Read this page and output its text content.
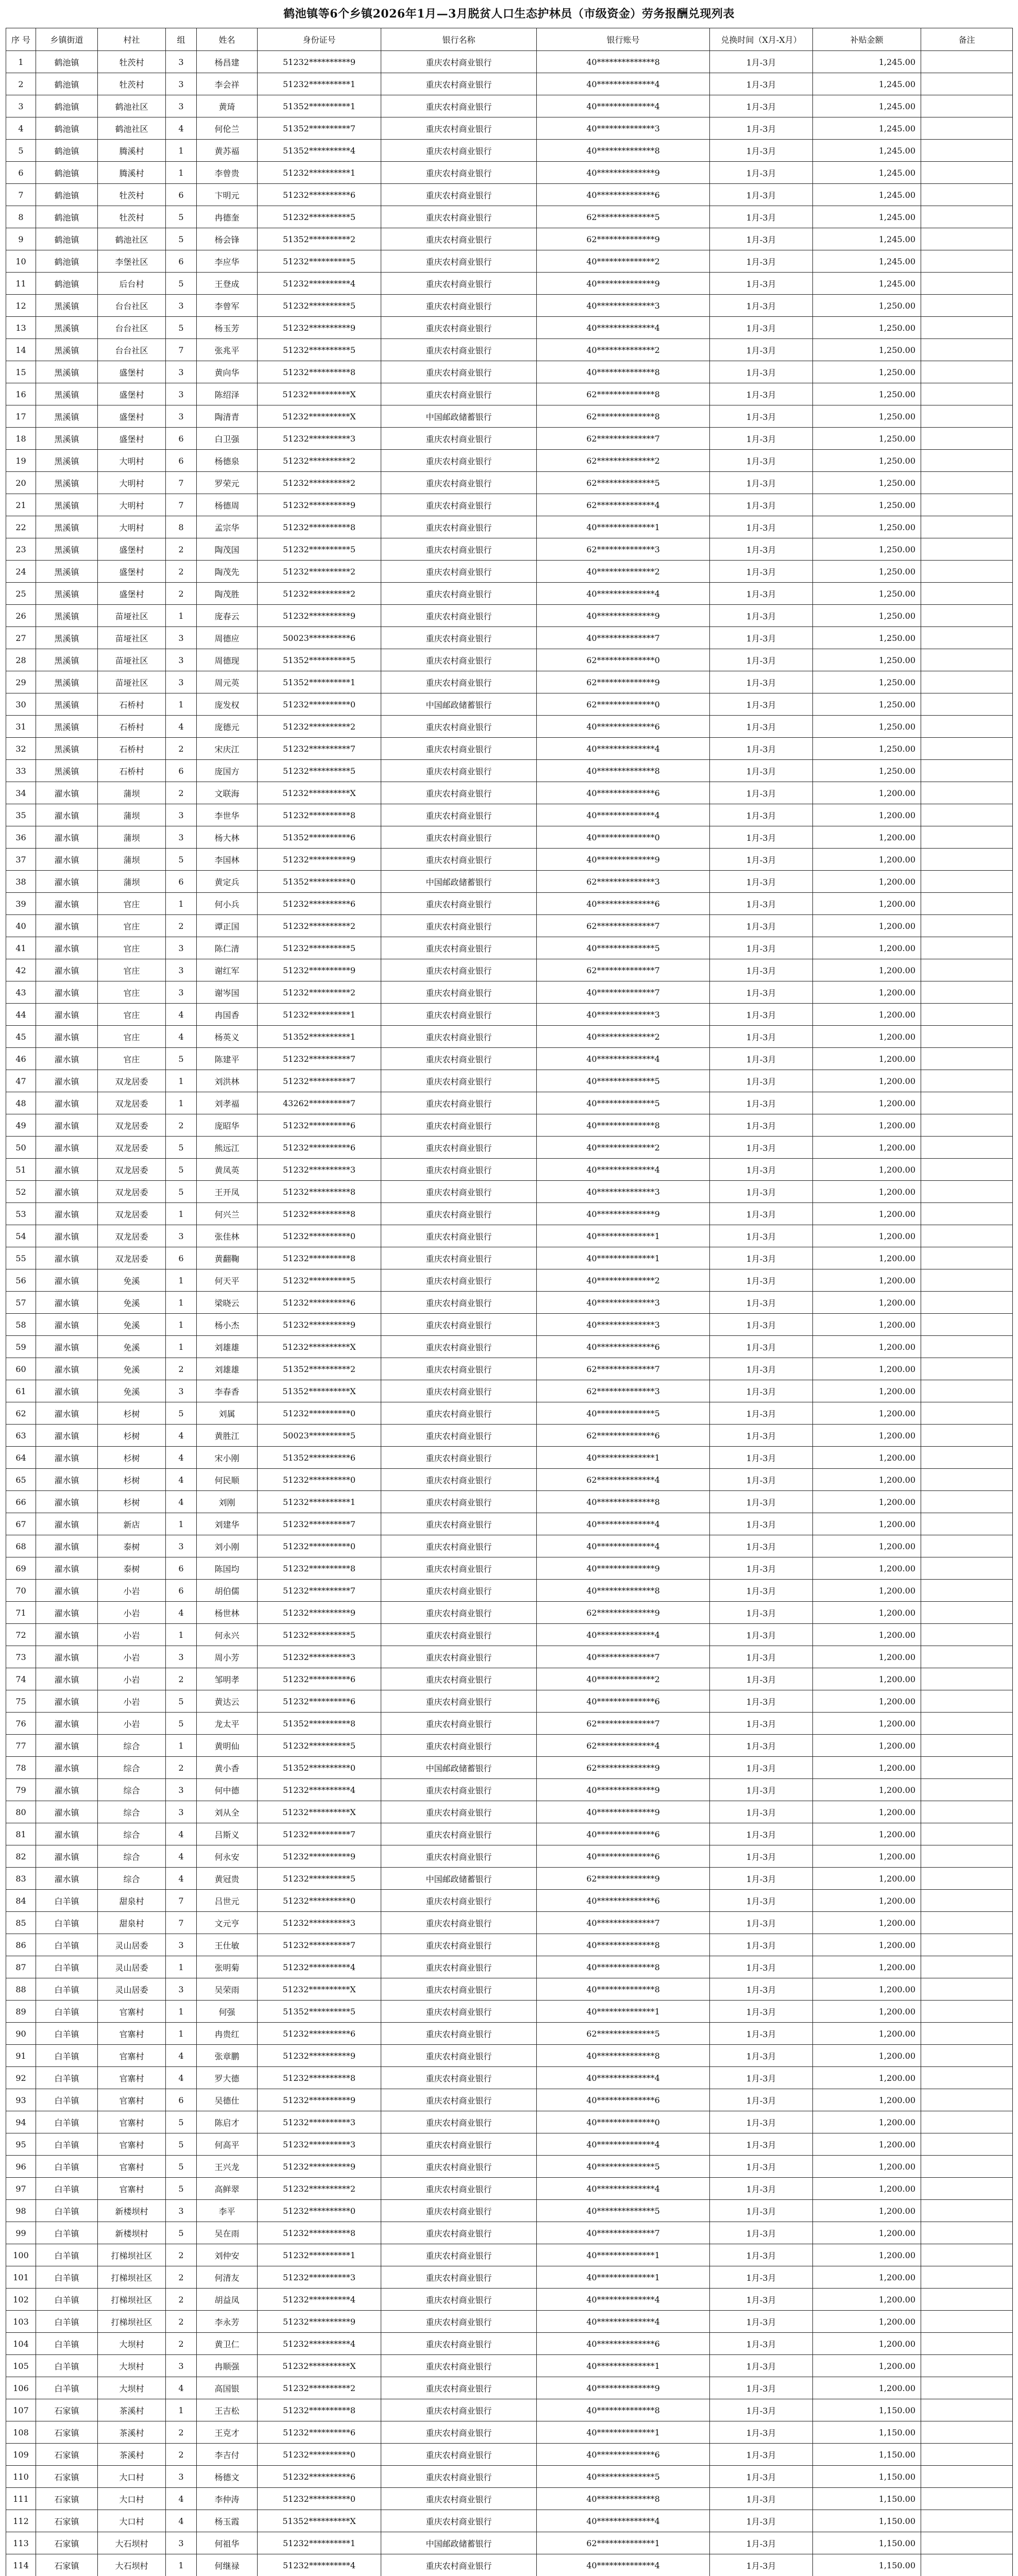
鹤池镇等6个乡镇2026年1月—3月脱贫人口生态护林员（市级资金）劳务报酬兑现列表
序 号	乡镇街道	村社	组	姓名	身份证号	银行名称	银行账号	兑换时间（X月-X月）	补贴金额	备注
1	鹤池镇	牡茨村	3	杨昌建	51232**********9	重庆农村商业银行	40**************8	1月-3月	1,245.00	
2	鹤池镇	牡茨村	3	李会祥	51232**********1	重庆农村商业银行	40**************4	1月-3月	1,245.00	
3	鹤池镇	鹤池社区	3	黄琦	51352**********1	重庆农村商业银行	40**************4	1月-3月	1,245.00	
4	鹤池镇	鹤池社区	4	何伦兰	51352**********7	重庆农村商业银行	40**************3	1月-3月	1,245.00	
5	鹤池镇	腾溪村	1	黄苏福	51352**********4	重庆农村商业银行	40**************8	1月-3月	1,245.00	
6	鹤池镇	腾溪村	1	李曾贵	51232**********1	重庆农村商业银行	40**************9	1月-3月	1,245.00	
7	鹤池镇	牡茨村	6	卞明元	51232**********6	重庆农村商业银行	40**************6	1月-3月	1,245.00	
8	鹤池镇	牡茨村	5	冉德奎	51232**********5	重庆农村商业银行	62**************5	1月-3月	1,245.00	
9	鹤池镇	鹤池社区	5	杨会锋	51352**********2	重庆农村商业银行	62**************9	1月-3月	1,245.00	
10	鹤池镇	李堡社区	6	李应华	51232**********5	重庆农村商业银行	40**************2	1月-3月	1,245.00	
11	鹤池镇	后台村	5	王登成	51232**********4	重庆农村商业银行	40**************9	1月-3月	1,245.00	
12	黑溪镇	台台社区	3	李曾军	51232**********5	重庆农村商业银行	40**************3	1月-3月	1,250.00	
13	黑溪镇	台台社区	5	杨玉芳	51232**********9	重庆农村商业银行	40**************4	1月-3月	1,250.00	
14	黑溪镇	台台社区	7	张兆平	51232**********5	重庆农村商业银行	40**************2	1月-3月	1,250.00	
15	黑溪镇	盛堡村	3	黄向华	51232**********8	重庆农村商业银行	40**************8	1月-3月	1,250.00	
16	黑溪镇	盛堡村	3	陈绍泽	51232**********X	重庆农村商业银行	62**************8	1月-3月	1,250.00	
17	黑溪镇	盛堡村	3	陶清青	51232**********X	中国邮政储蓄银行	62**************8	1月-3月	1,250.00	
18	黑溪镇	盛堡村	6	白卫强	51232**********3	重庆农村商业银行	62**************7	1月-3月	1,250.00	
19	黑溪镇	大明村	6	杨德泉	51232**********2	重庆农村商业银行	62**************2	1月-3月	1,250.00	
20	黑溪镇	大明村	7	罗荣元	51232**********2	重庆农村商业银行	62**************5	1月-3月	1,250.00	
21	黑溪镇	大明村	7	杨德周	51232**********9	重庆农村商业银行	62**************4	1月-3月	1,250.00	
22	黑溪镇	大明村	8	孟宗华	51232**********8	重庆农村商业银行	40**************1	1月-3月	1,250.00	
23	黑溪镇	盛堡村	2	陶茂国	51232**********5	重庆农村商业银行	62**************3	1月-3月	1,250.00	
24	黑溪镇	盛堡村	2	陶茂先	51232**********2	重庆农村商业银行	40**************2	1月-3月	1,250.00	
25	黑溪镇	盛堡村	2	陶茂胜	51232**********2	重庆农村商业银行	40**************4	1月-3月	1,250.00	
26	黑溪镇	苗垭社区	1	庞春云	51232**********9	重庆农村商业银行	40**************9	1月-3月	1,250.00	
27	黑溪镇	苗垭社区	3	周德应	50023**********6	重庆农村商业银行	40**************7	1月-3月	1,250.00	
28	黑溪镇	苗垭社区	3	周德现	51352**********5	重庆农村商业银行	62**************0	1月-3月	1,250.00	
29	黑溪镇	苗垭社区	3	周元英	51352**********1	重庆农村商业银行	62**************9	1月-3月	1,250.00	
30	黑溪镇	石桥村	1	庞发权	51232**********0	中国邮政储蓄银行	62**************0	1月-3月	1,250.00	
31	黑溪镇	石桥村	4	庞德元	51232**********2	重庆农村商业银行	40**************6	1月-3月	1,250.00	
32	黑溪镇	石桥村	2	宋庆江	51232**********7	重庆农村商业银行	40**************4	1月-3月	1,250.00	
33	黑溪镇	石桥村	6	庞国方	51232**********5	重庆农村商业银行	40**************8	1月-3月	1,250.00	
34	濯水镇	蒲坝	2	文联海	51232**********X	重庆农村商业银行	40**************6	1月-3月	1,200.00	
35	濯水镇	蒲坝	3	李世华	51232**********8	重庆农村商业银行	40**************4	1月-3月	1,200.00	
36	濯水镇	蒲坝	3	杨大林	51352**********6	重庆农村商业银行	40**************0	1月-3月	1,200.00	
37	濯水镇	蒲坝	5	李国林	51232**********9	重庆农村商业银行	40**************9	1月-3月	1,200.00	
38	濯水镇	蒲坝	6	黄定兵	51352**********0	中国邮政储蓄银行	62**************3	1月-3月	1,200.00	
39	濯水镇	官庄	1	何小兵	51232**********6	重庆农村商业银行	40**************6	1月-3月	1,200.00	
40	濯水镇	官庄	2	谭正国	51232**********2	重庆农村商业银行	62**************7	1月-3月	1,200.00	
41	濯水镇	官庄	3	陈仁清	51232**********5	重庆农村商业银行	40**************5	1月-3月	1,200.00	
42	濯水镇	官庄	3	谢红军	51232**********9	重庆农村商业银行	62**************7	1月-3月	1,200.00	
43	濯水镇	官庄	3	谢岑国	51232**********2	重庆农村商业银行	40**************7	1月-3月	1,200.00	
44	濯水镇	官庄	4	冉国香	51232**********1	重庆农村商业银行	40**************3	1月-3月	1,200.00	
45	濯水镇	官庄	4	杨英义	51352**********1	重庆农村商业银行	40**************2	1月-3月	1,200.00	
46	濯水镇	官庄	5	陈建平	51232**********7	重庆农村商业银行	40**************4	1月-3月	1,200.00	
47	濯水镇	双龙居委	1	刘洪林	51232**********7	重庆农村商业银行	40**************5	1月-3月	1,200.00	
48	濯水镇	双龙居委	1	刘孝福	43262**********7	重庆农村商业银行	40**************5	1月-3月	1,200.00	
49	濯水镇	双龙居委	2	庞昭华	51232**********6	重庆农村商业银行	40**************8	1月-3月	1,200.00	
50	濯水镇	双龙居委	5	熊远江	51232**********6	重庆农村商业银行	40**************2	1月-3月	1,200.00	
51	濯水镇	双龙居委	5	黄凤英	51232**********3	重庆农村商业银行	40**************4	1月-3月	1,200.00	
52	濯水镇	双龙居委	5	王开凤	51232**********8	重庆农村商业银行	40**************3	1月-3月	1,200.00	
53	濯水镇	双龙居委	1	何兴兰	51232**********8	重庆农村商业银行	40**************9	1月-3月	1,200.00	
54	濯水镇	双龙居委	3	张佳林	51232**********0	重庆农村商业银行	40**************1	1月-3月	1,200.00	
55	濯水镇	双龙居委	6	黄翻鞠	51232**********8	重庆农村商业银行	40**************1	1月-3月	1,200.00	
56	濯水镇	免溪	1	何天平	51232**********5	重庆农村商业银行	40**************2	1月-3月	1,200.00	
57	濯水镇	免溪	1	梁晓云	51232**********6	重庆农村商业银行	40**************3	1月-3月	1,200.00	
58	濯水镇	免溪	1	杨小杰	51232**********9	重庆农村商业银行	40**************3	1月-3月	1,200.00	
59	濯水镇	免溪	1	刘雄雄	51232**********X	重庆农村商业银行	40**************6	1月-3月	1,200.00	
60	濯水镇	免溪	2	刘雄雄	51352**********2	重庆农村商业银行	62**************7	1月-3月	1,200.00	
61	濯水镇	免溪	3	李春香	51352**********X	重庆农村商业银行	62**************3	1月-3月	1,200.00	
62	濯水镇	杉树	5	刘属	51232**********0	重庆农村商业银行	40**************5	1月-3月	1,200.00	
63	濯水镇	杉树	4	黄胜江	50023**********5	重庆农村商业银行	62**************6	1月-3月	1,200.00	
64	濯水镇	杉树	4	宋小刚	51352**********6	重庆农村商业银行	40**************1	1月-3月	1,200.00	
65	濯水镇	杉树	4	何民顺	51232**********0	重庆农村商业银行	62**************4	1月-3月	1,200.00	
66	濯水镇	杉树	4	刘刚	51232**********1	重庆农村商业银行	40**************8	1月-3月	1,200.00	
67	濯水镇	新店	1	刘建华	51232**********7	重庆农村商业银行	40**************4	1月-3月	1,200.00	
68	濯水镇	泰树	3	刘小刚	51232**********0	重庆农村商业银行	40**************4	1月-3月	1,200.00	
69	濯水镇	泰树	6	陈国均	51232**********8	重庆农村商业银行	40**************9	1月-3月	1,200.00	
70	濯水镇	小岩	6	胡伯儒	51232**********7	重庆农村商业银行	40**************8	1月-3月	1,200.00	
71	濯水镇	小岩	4	杨世林	51232**********9	重庆农村商业银行	62**************9	1月-3月	1,200.00	
72	濯水镇	小岩	1	何永兴	51232**********5	重庆农村商业银行	40**************4	1月-3月	1,200.00	
73	濯水镇	小岩	3	周小芳	51232**********3	重庆农村商业银行	40**************7	1月-3月	1,200.00	
74	濯水镇	小岩	2	邹明孝	51232**********6	重庆农村商业银行	40**************2	1月-3月	1,200.00	
75	濯水镇	小岩	5	黄达云	51232**********6	重庆农村商业银行	40**************6	1月-3月	1,200.00	
76	濯水镇	小岩	5	龙太平	51352**********8	重庆农村商业银行	62**************7	1月-3月	1,200.00	
77	濯水镇	综合	1	黄明仙	51232**********5	重庆农村商业银行	62**************4	1月-3月	1,200.00	
78	濯水镇	综合	2	黄小香	51352**********0	中国邮政储蓄银行	62**************9	1月-3月	1,200.00	
79	濯水镇	综合	3	何中德	51232**********4	重庆农村商业银行	40**************9	1月-3月	1,200.00	
80	濯水镇	综合	3	刘从全	51232**********X	重庆农村商业银行	40**************9	1月-3月	1,200.00	
81	濯水镇	综合	4	吕斯义	51232**********7	重庆农村商业银行	40**************6	1月-3月	1,200.00	
82	濯水镇	综合	4	何永安	51232**********9	重庆农村商业银行	40**************6	1月-3月	1,200.00	
83	濯水镇	综合	4	黄冠贵	51232**********5	中国邮政储蓄银行	62**************9	1月-3月	1,200.00	
84	白羊镇	甜泉村	7	吕世元	51232**********0	重庆农村商业银行	40**************6	1月-3月	1,200.00	
85	白羊镇	甜泉村	7	文元亨	51232**********3	重庆农村商业银行	40**************7	1月-3月	1,200.00	
86	白羊镇	灵山居委	3	王仕敏	51232**********7	重庆农村商业银行	40**************8	1月-3月	1,200.00	
87	白羊镇	灵山居委	1	张明菊	51232**********4	重庆农村商业银行	40**************8	1月-3月	1,200.00	
88	白羊镇	灵山居委	3	吴荣雨	51232**********X	重庆农村商业银行	40**************8	1月-3月	1,200.00	
89	白羊镇	官寨村	1	何强	51352**********5	重庆农村商业银行	40**************1	1月-3月	1,200.00	
90	白羊镇	官寨村	1	冉贵红	51232**********6	重庆农村商业银行	62**************5	1月-3月	1,200.00	
91	白羊镇	官寨村	4	张章鹏	51232**********9	重庆农村商业银行	40**************8	1月-3月	1,200.00	
92	白羊镇	官寨村	4	罗大德	51232**********8	重庆农村商业银行	40**************4	1月-3月	1,200.00	
93	白羊镇	官寨村	6	吴德仕	51232**********9	重庆农村商业银行	40**************6	1月-3月	1,200.00	
94	白羊镇	官寨村	5	陈启才	51232**********3	重庆农村商业银行	40**************0	1月-3月	1,200.00	
95	白羊镇	官寨村	5	何高平	51232**********3	重庆农村商业银行	40**************4	1月-3月	1,200.00	
96	白羊镇	官寨村	5	王兴龙	51232**********9	重庆农村商业银行	40**************5	1月-3月	1,200.00	
97	白羊镇	官寨村	5	高鲜翠	51232**********2	重庆农村商业银行	40**************4	1月-3月	1,200.00	
98	白羊镇	新楼坝村	3	李平	51232**********0	重庆农村商业银行	40**************5	1月-3月	1,200.00	
99	白羊镇	新楼坝村	5	吴在雨	51232**********8	重庆农村商业银行	40**************7	1月-3月	1,200.00	
100	白羊镇	打梯坝社区	2	刘仲安	51232**********1	重庆农村商业银行	40**************1	1月-3月	1,200.00	
101	白羊镇	打梯坝社区	2	何清友	51232**********3	重庆农村商业银行	40**************1	1月-3月	1,200.00	
102	白羊镇	打梯坝社区	2	胡益凤	51232**********4	重庆农村商业银行	40**************4	1月-3月	1,200.00	
103	白羊镇	打梯坝社区	2	李永芳	51232**********9	重庆农村商业银行	40**************4	1月-3月	1,200.00	
104	白羊镇	大坝村	2	黄卫仁	51232**********4	重庆农村商业银行	40**************6	1月-3月	1,200.00	
105	白羊镇	大坝村	3	冉顺强	51232**********X	重庆农村商业银行	40**************1	1月-3月	1,200.00	
106	白羊镇	大坝村	4	高国银	51232**********2	重庆农村商业银行	40**************9	1月-3月	1,200.00	
107	石家镇	茶溪村	1	王吉松	51232**********8	重庆农村商业银行	40**************8	1月-3月	1,150.00	
108	石家镇	茶溪村	2	王克才	51232**********6	重庆农村商业银行	40**************1	1月-3月	1,150.00	
109	石家镇	茶溪村	2	李吉付	51232**********0	重庆农村商业银行	40**************6	1月-3月	1,150.00	
110	石家镇	大口村	3	杨德文	51232**********6	重庆农村商业银行	40**************5	1月-3月	1,150.00	
111	石家镇	大口村	4	李仲涛	51232**********0	重庆农村商业银行	40**************8	1月-3月	1,150.00	
112	石家镇	大口村	4	杨玉霞	51352**********X	重庆农村商业银行	40**************4	1月-3月	1,150.00	
113	石家镇	大石坝村	3	何祖华	51232**********1	中国邮政储蓄银行	62**************1	1月-3月	1,150.00	
114	石家镇	大石坝村	1	何继禄	51232**********4	重庆农村商业银行	40**************4	1月-3月	1,150.00	
